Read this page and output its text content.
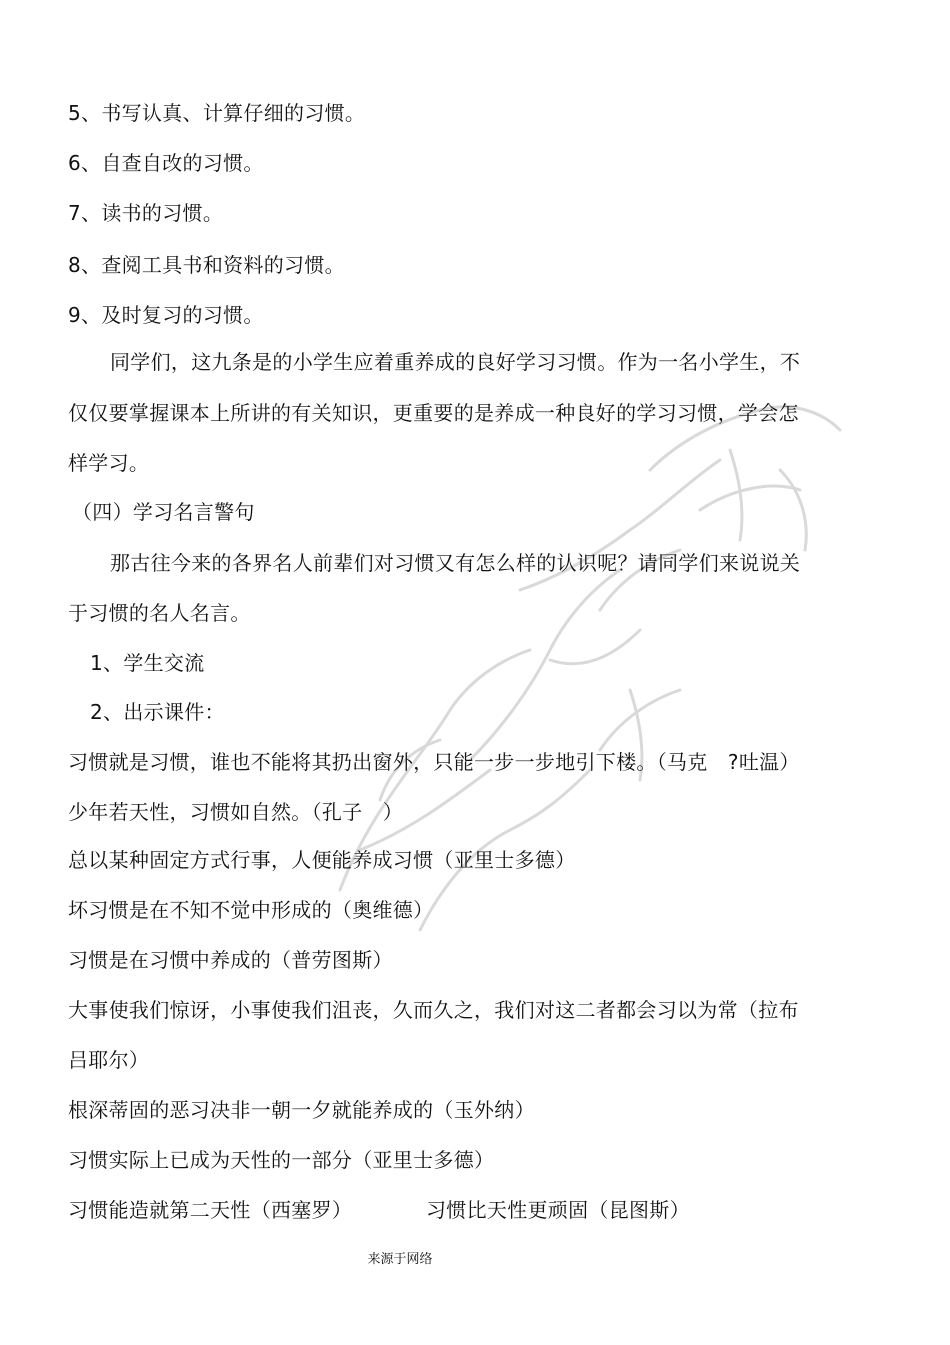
5、书写认真、计算仔细的习惯。
6、自查自改的习惯。
7、读书的习惯。
8、查阅工具书和资料的习惯。
9、及时复习的习惯。
同学们，这九条是的小学生应着重养成的良好学习习惯。作为一名小学生，不
仅仅要掌握课本上所讲的有关知识，更重要的是养成一种良好的学习习惯，学会怎
样学习。
（四）学习名言警句
那古往今来的各界名人前辈们对习惯又有怎么样的认识呢？请同学们来说说关
于习惯的名人名言。
1、学生交流
2、出示课件：
习惯就是习惯，谁也不能将其扔出窗外，只能一步一步地引下楼。（马克　?吐温）
少年若天性，习惯如自然。（孔子　）
总以某种固定方式行事，人便能养成习惯（亚里士多德）
坏习惯是在不知不觉中形成的（奥维德）
习惯是在习惯中养成的（普劳图斯）
大事使我们惊讶，小事使我们沮丧，久而久之，我们对这二者都会习以为常（拉布
吕耶尔）
根深蒂固的恶习决非一朝一夕就能养成的（玉外纳）
习惯实际上已成为天性的一部分（亚里士多德）
习惯能造就第二天性（西塞罗）	习惯比天性更顽固（昆图斯）
来源于网络
